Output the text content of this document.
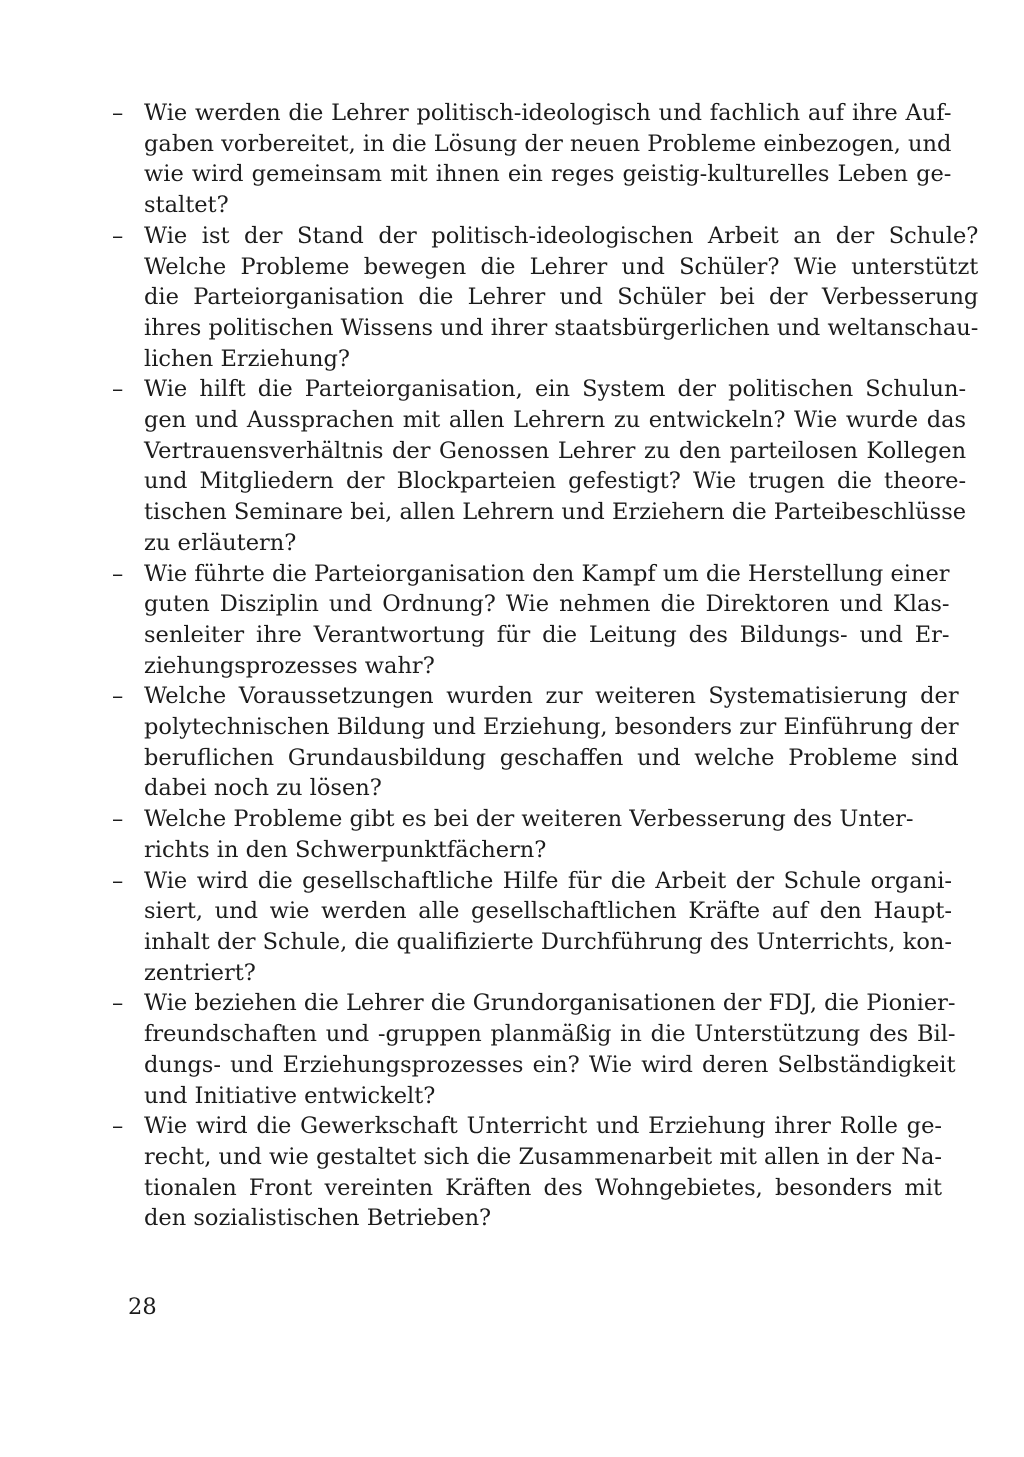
– Wie werden die Lehrer politisch-ideologisch und fachlich auf ihre Auf-
gaben vorbereitet, in die Lösung der neuen Probleme einbezogen, und
wie wird gemeinsam mit ihnen ein reges geistig-kulturelles Leben ge-
staltet?
– Wie ist der Stand der politisch-ideologischen Arbeit an der Schule?
Welche Probleme bewegen die Lehrer und Schüler? Wie unterstützt
die Parteiorganisation die Lehrer und Schüler bei der Verbesserung
ihres politischen Wissens und ihrer staatsbürgerlichen und weltanschau-
lichen Erziehung?
– Wie hilft die Parteiorganisation, ein System der politischen Schulun-
gen und Aussprachen mit allen Lehrern zu entwickeln? Wie wurde das
Vertrauensverhältnis der Genossen Lehrer zu den parteilosen Kollegen
und Mitgliedern der Blockparteien gefestigt? Wie trugen die theore-
tischen Seminare bei, allen Lehrern und Erziehern die Parteibeschlüsse
zu erläutern?
– Wie führte die Parteiorganisation den Kampf um die Herstellung einer
guten Disziplin und Ordnung? Wie nehmen die Direktoren und Klas-
senleiter ihre Verantwortung für die Leitung des Bildungs- und Er-
ziehungsprozesses wahr?
– Welche Voraussetzungen wurden zur weiteren Systematisierung der
polytechnischen Bildung und Erziehung, besonders zur Einführung der
beruflichen Grundausbildung geschaffen und welche Probleme sind
dabei noch zu lösen?
– Welche Probleme gibt es bei der weiteren Verbesserung des Unter-
richts in den Schwerpunktfächern?
– Wie wird die gesellschaftliche Hilfe für die Arbeit der Schule organi-
siert, und wie werden alle gesellschaftlichen Kräfte auf den Haupt-
inhalt der Schule, die qualifizierte Durchführung des Unterrichts, kon-
zentriert?
– Wie beziehen die Lehrer die Grundorganisationen der FDJ, die Pionier-
freundschaften und -gruppen planmäßig in die Unterstützung des Bil-
dungs- und Erziehungsprozesses ein? Wie wird deren Selbständigkeit
und Initiative entwickelt?
– Wie wird die Gewerkschaft Unterricht und Erziehung ihrer Rolle ge-
recht, und wie gestaltet sich die Zusammenarbeit mit allen in der Na-
tionalen Front vereinten Kräften des Wohngebietes, besonders mit
den sozialistischen Betrieben?
28
